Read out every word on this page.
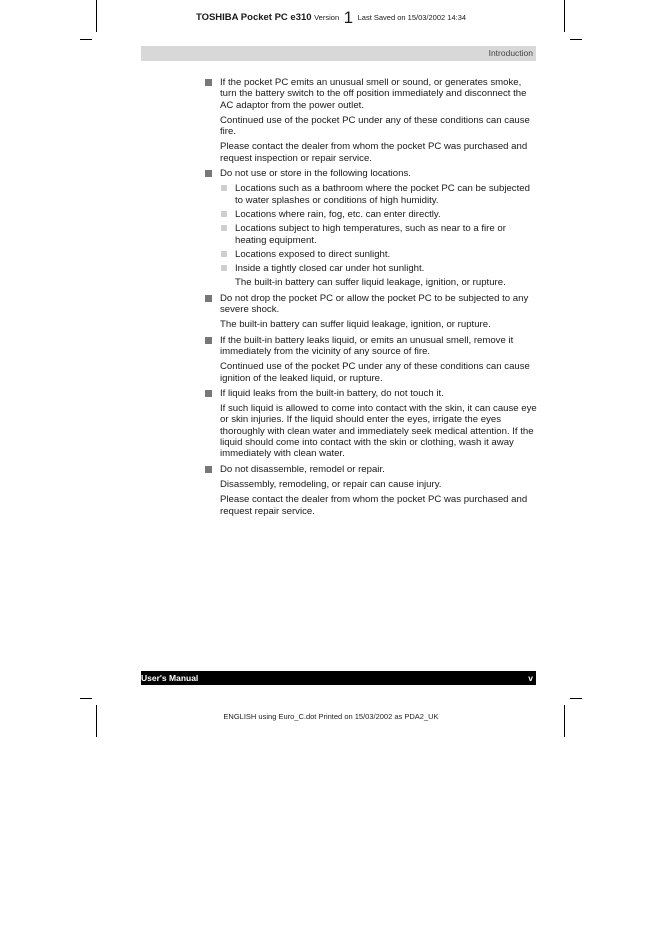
TOSHIBA Pocket PC e310 Version 1 Last Saved on 15/03/2002 14:34
Introduction
If the pocket PC emits an unusual smell or sound, or generates smoke, turn the battery switch to the off position immediately and disconnect the AC adaptor from the power outlet.
Continued use of the pocket PC under any of these conditions can cause fire.
Please contact the dealer from whom the pocket PC was purchased and request inspection or repair service.
Do not use or store in the following locations.
Locations such as a bathroom where the pocket PC can be subjected to water splashes or conditions of high humidity.
Locations where rain, fog, etc. can enter directly.
Locations subject to high temperatures, such as near to a fire or heating equipment.
Locations exposed to direct sunlight.
Inside a tightly closed car under hot sunlight.
The built-in battery can suffer liquid leakage, ignition, or rupture.
Do not drop the pocket PC or allow the pocket PC to be subjected to any severe shock.
The built-in battery can suffer liquid leakage, ignition, or rupture.
If the built-in battery leaks liquid, or emits an unusual smell, remove it immediately from the vicinity of any source of fire.
Continued use of the pocket PC under any of these conditions can cause ignition of the leaked liquid, or rupture.
If liquid leaks from the built-in battery, do not touch it.
If such liquid is allowed to come into contact with the skin, it can cause eye or skin injuries. If the liquid should enter the eyes, irrigate the eyes thoroughly with clean water and immediately seek medical attention. If the liquid should come into contact with the skin or clothing, wash it away immediately with clean water.
Do not disassemble, remodel or repair.
Disassembly, remodeling, or repair can cause injury.
Please contact the dealer from whom the pocket PC was purchased and request repair service.
User's Manual	v
ENGLISH using Euro_C.dot Printed on 15/03/2002 as PDA2_UK
